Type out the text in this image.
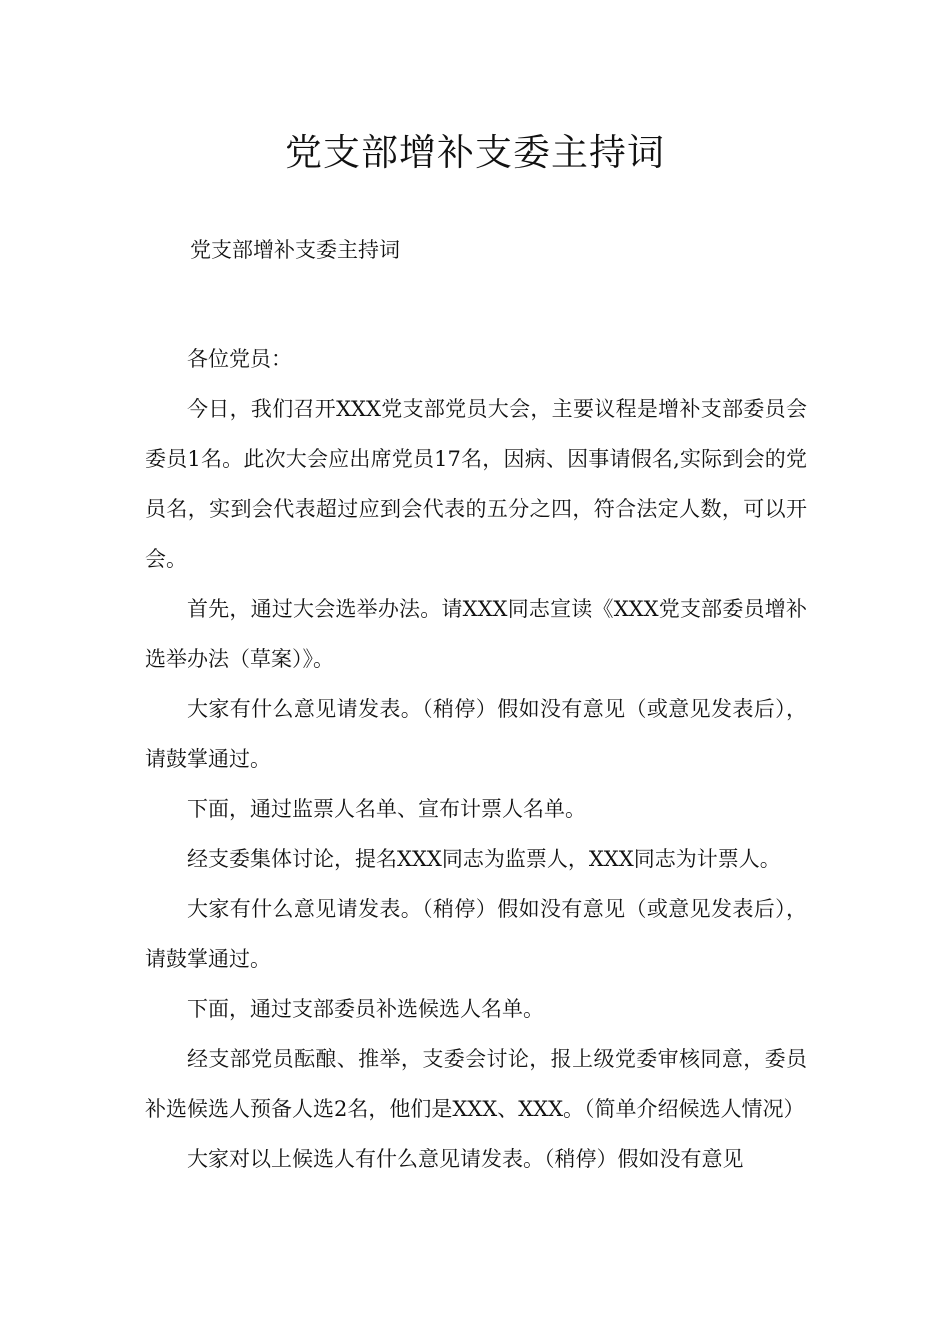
党支部增补支委主持词

党支部增补支委主持词

各位党员：

今日，我们召开XXX党支部党员大会，主要议程是增补支部委员会委员1名。此次大会应出席党员17名，因病、因事请假名,实际到会的党员名，实到会代表超过应到会代表的五分之四，符合法定人数，可以开会。

首先，通过大会选举办法。请XXX同志宣读《XXX党支部委员增补选举办法（草案）》。

大家有什么意见请发表。（稍停）假如没有意见（或意见发表后），请鼓掌通过。

下面，通过监票人名单、宣布计票人名单。

经支委集体讨论，提名XXX同志为监票人，XXX同志为计票人。

大家有什么意见请发表。（稍停）假如没有意见（或意见发表后），请鼓掌通过。

下面，通过支部委员补选候选人名单。

经支部党员酝酿、推举，支委会讨论，报上级党委审核同意，委员补选候选人预备人选2名，他们是XXX、XXX。（简单介绍候选人情况）

大家对以上候选人有什么意见请发表。（稍停）假如没有意见
